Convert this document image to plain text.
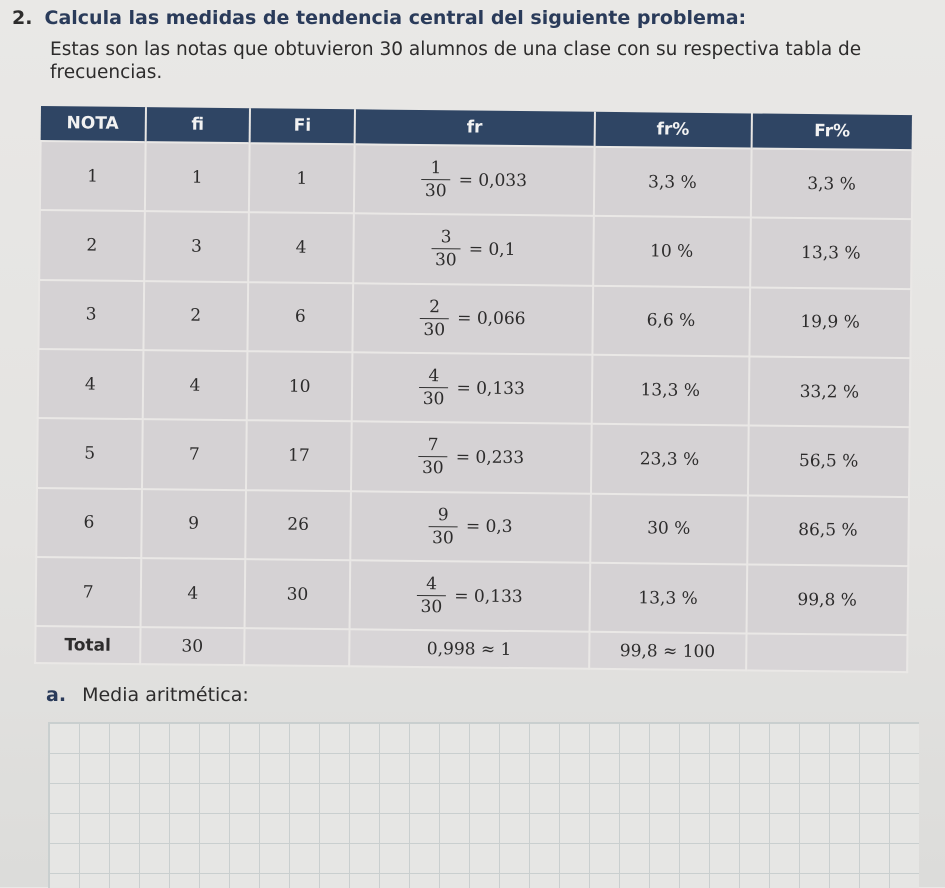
2. Calcula las medidas de tendencia central del siguiente problema:
Estas son las notas que obtuvieron 30 alumnos de una clase con su respectiva tabla de frecuencias.
NOTA	fi	Fi	fr	fr%	Fr%
1	1	1	$\frac{1}{30} = 0,033$	3,3 %	3,3 %
2	3	4	$\frac{3}{30} = 0,1$	10 %	13,3 %
3	2	6	$\frac{2}{30} = 0,066$	6,6 %	19,9 %
4	4	10	$\frac{4}{30} = 0,133$	13,3 %	33,2 %
5	7	17	$\frac{7}{30} = 0,233$	23,3 %	56,5 %
6	9	26	$\frac{9}{30} = 0,3$	30 %	86,5 %
7	4	30	$\frac{4}{30} = 0,133$	13,3 %	99,8 %
Total	30		0,998 ≈ 1	99,8 ≈ 100	
a. Media aritmética:
